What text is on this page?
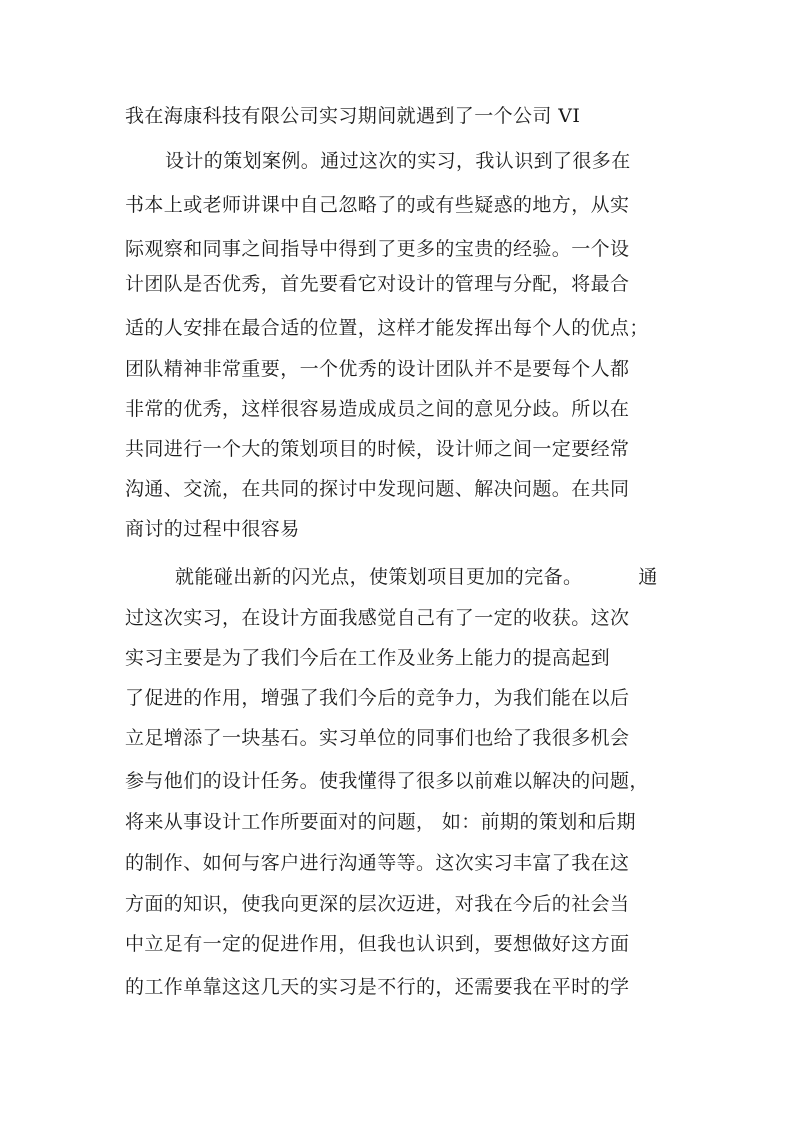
我在海康科技有限公司实习期间就遇到了一个公司 VI
设计的策划案例。通过这次的实习，我认识到了很多在
书本上或老师讲课中自己忽略了的或有些疑惑的地方，从实
际观察和同事之间指导中得到了更多的宝贵的经验。一个设
计团队是否优秀，首先要看它对设计的管理与分配，将最合
适的人安排在最合适的位置，这样才能发挥出每个人的优点；
团队精神非常重要，一个优秀的设计团队并不是要每个人都
非常的优秀，这样很容易造成成员之间的意见分歧。所以在
共同进行一个大的策划项目的时候，设计师之间一定要经常
沟通、交流，在共同的探讨中发现问题、解决问题。在共同
商讨的过程中很容易
就能碰出新的闪光点，使策划项目更加的完备。	通
过这次实习，在设计方面我感觉自己有了一定的收获。这次
实习主要是为了我们今后在工作及业务上能力的提高起到
了促进的作用，增强了我们今后的竞争力，为我们能在以后
立足增添了一块基石。实习单位的同事们也给了我很多机会
参与他们的设计任务。使我懂得了很多以前难以解决的问题，
将来从事设计工作所要面对的问题， 如：前期的策划和后期
的制作、如何与客户进行沟通等等。这次实习丰富了我在这
方面的知识，使我向更深的层次迈进，对我在今后的社会当
中立足有一定的促进作用，但我也认识到，要想做好这方面
的工作单靠这这几天的实习是不行的，还需要我在平时的学
